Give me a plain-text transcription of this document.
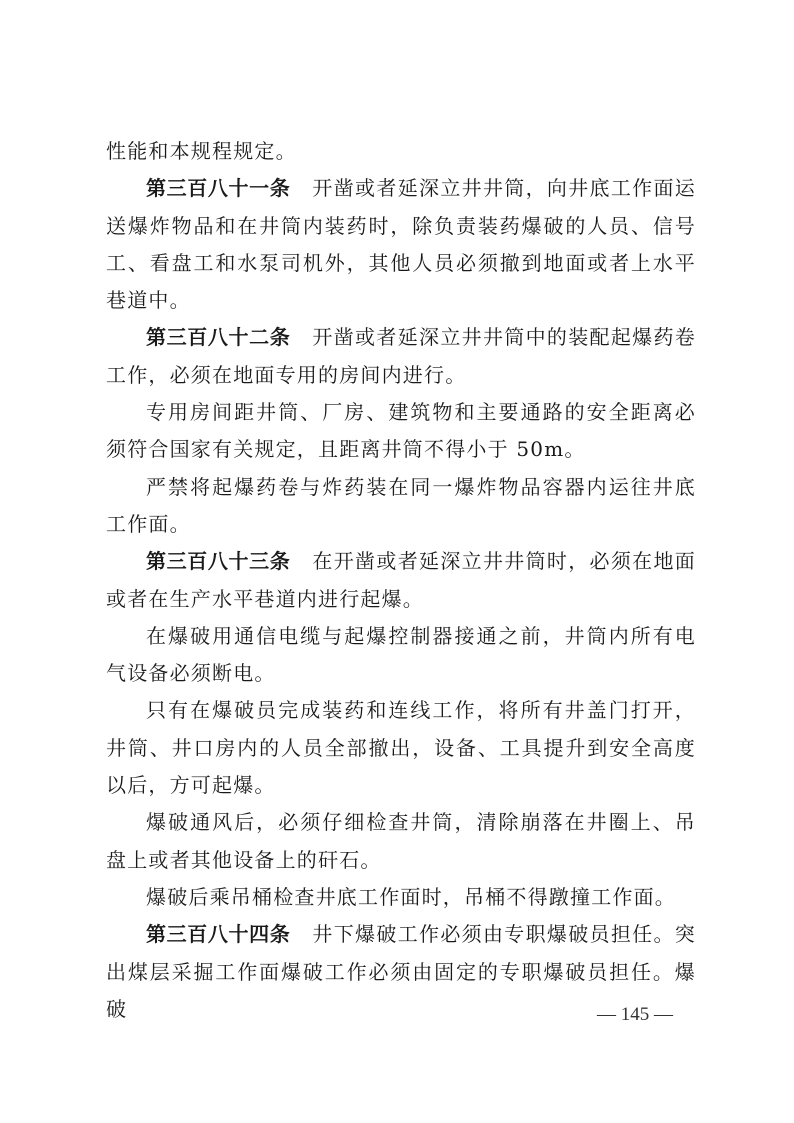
性能和本规程规定。

第三百八十一条 开凿或者延深立井井筒，向井底工作面运送爆炸物品和在井筒内装药时，除负责装药爆破的人员、信号工、看盘工和水泵司机外，其他人员必须撤到地面或者上水平巷道中。

第三百八十二条 开凿或者延深立井井筒中的装配起爆药卷工作，必须在地面专用的房间内进行。

专用房间距井筒、厂房、建筑物和主要通路的安全距离必须符合国家有关规定，且距离井筒不得小于 50m。

严禁将起爆药卷与炸药装在同一爆炸物品容器内运往井底工作面。

第三百八十三条 在开凿或者延深立井井筒时，必须在地面或者在生产水平巷道内进行起爆。

在爆破用通信电缆与起爆控制器接通之前，井筒内所有电气设备必须断电。

只有在爆破员完成装药和连线工作，将所有井盖门打开，井筒、井口房内的人员全部撤出，设备、工具提升到安全高度以后，方可起爆。

爆破通风后，必须仔细检查井筒，清除崩落在井圈上、吊盘上或者其他设备上的矸石。

爆破后乘吊桶检查井底工作面时，吊桶不得蹾撞工作面。

第三百八十四条 井下爆破工作必须由专职爆破员担任。突出煤层采掘工作面爆破工作必须由固定的专职爆破员担任。爆破	— 145 —
